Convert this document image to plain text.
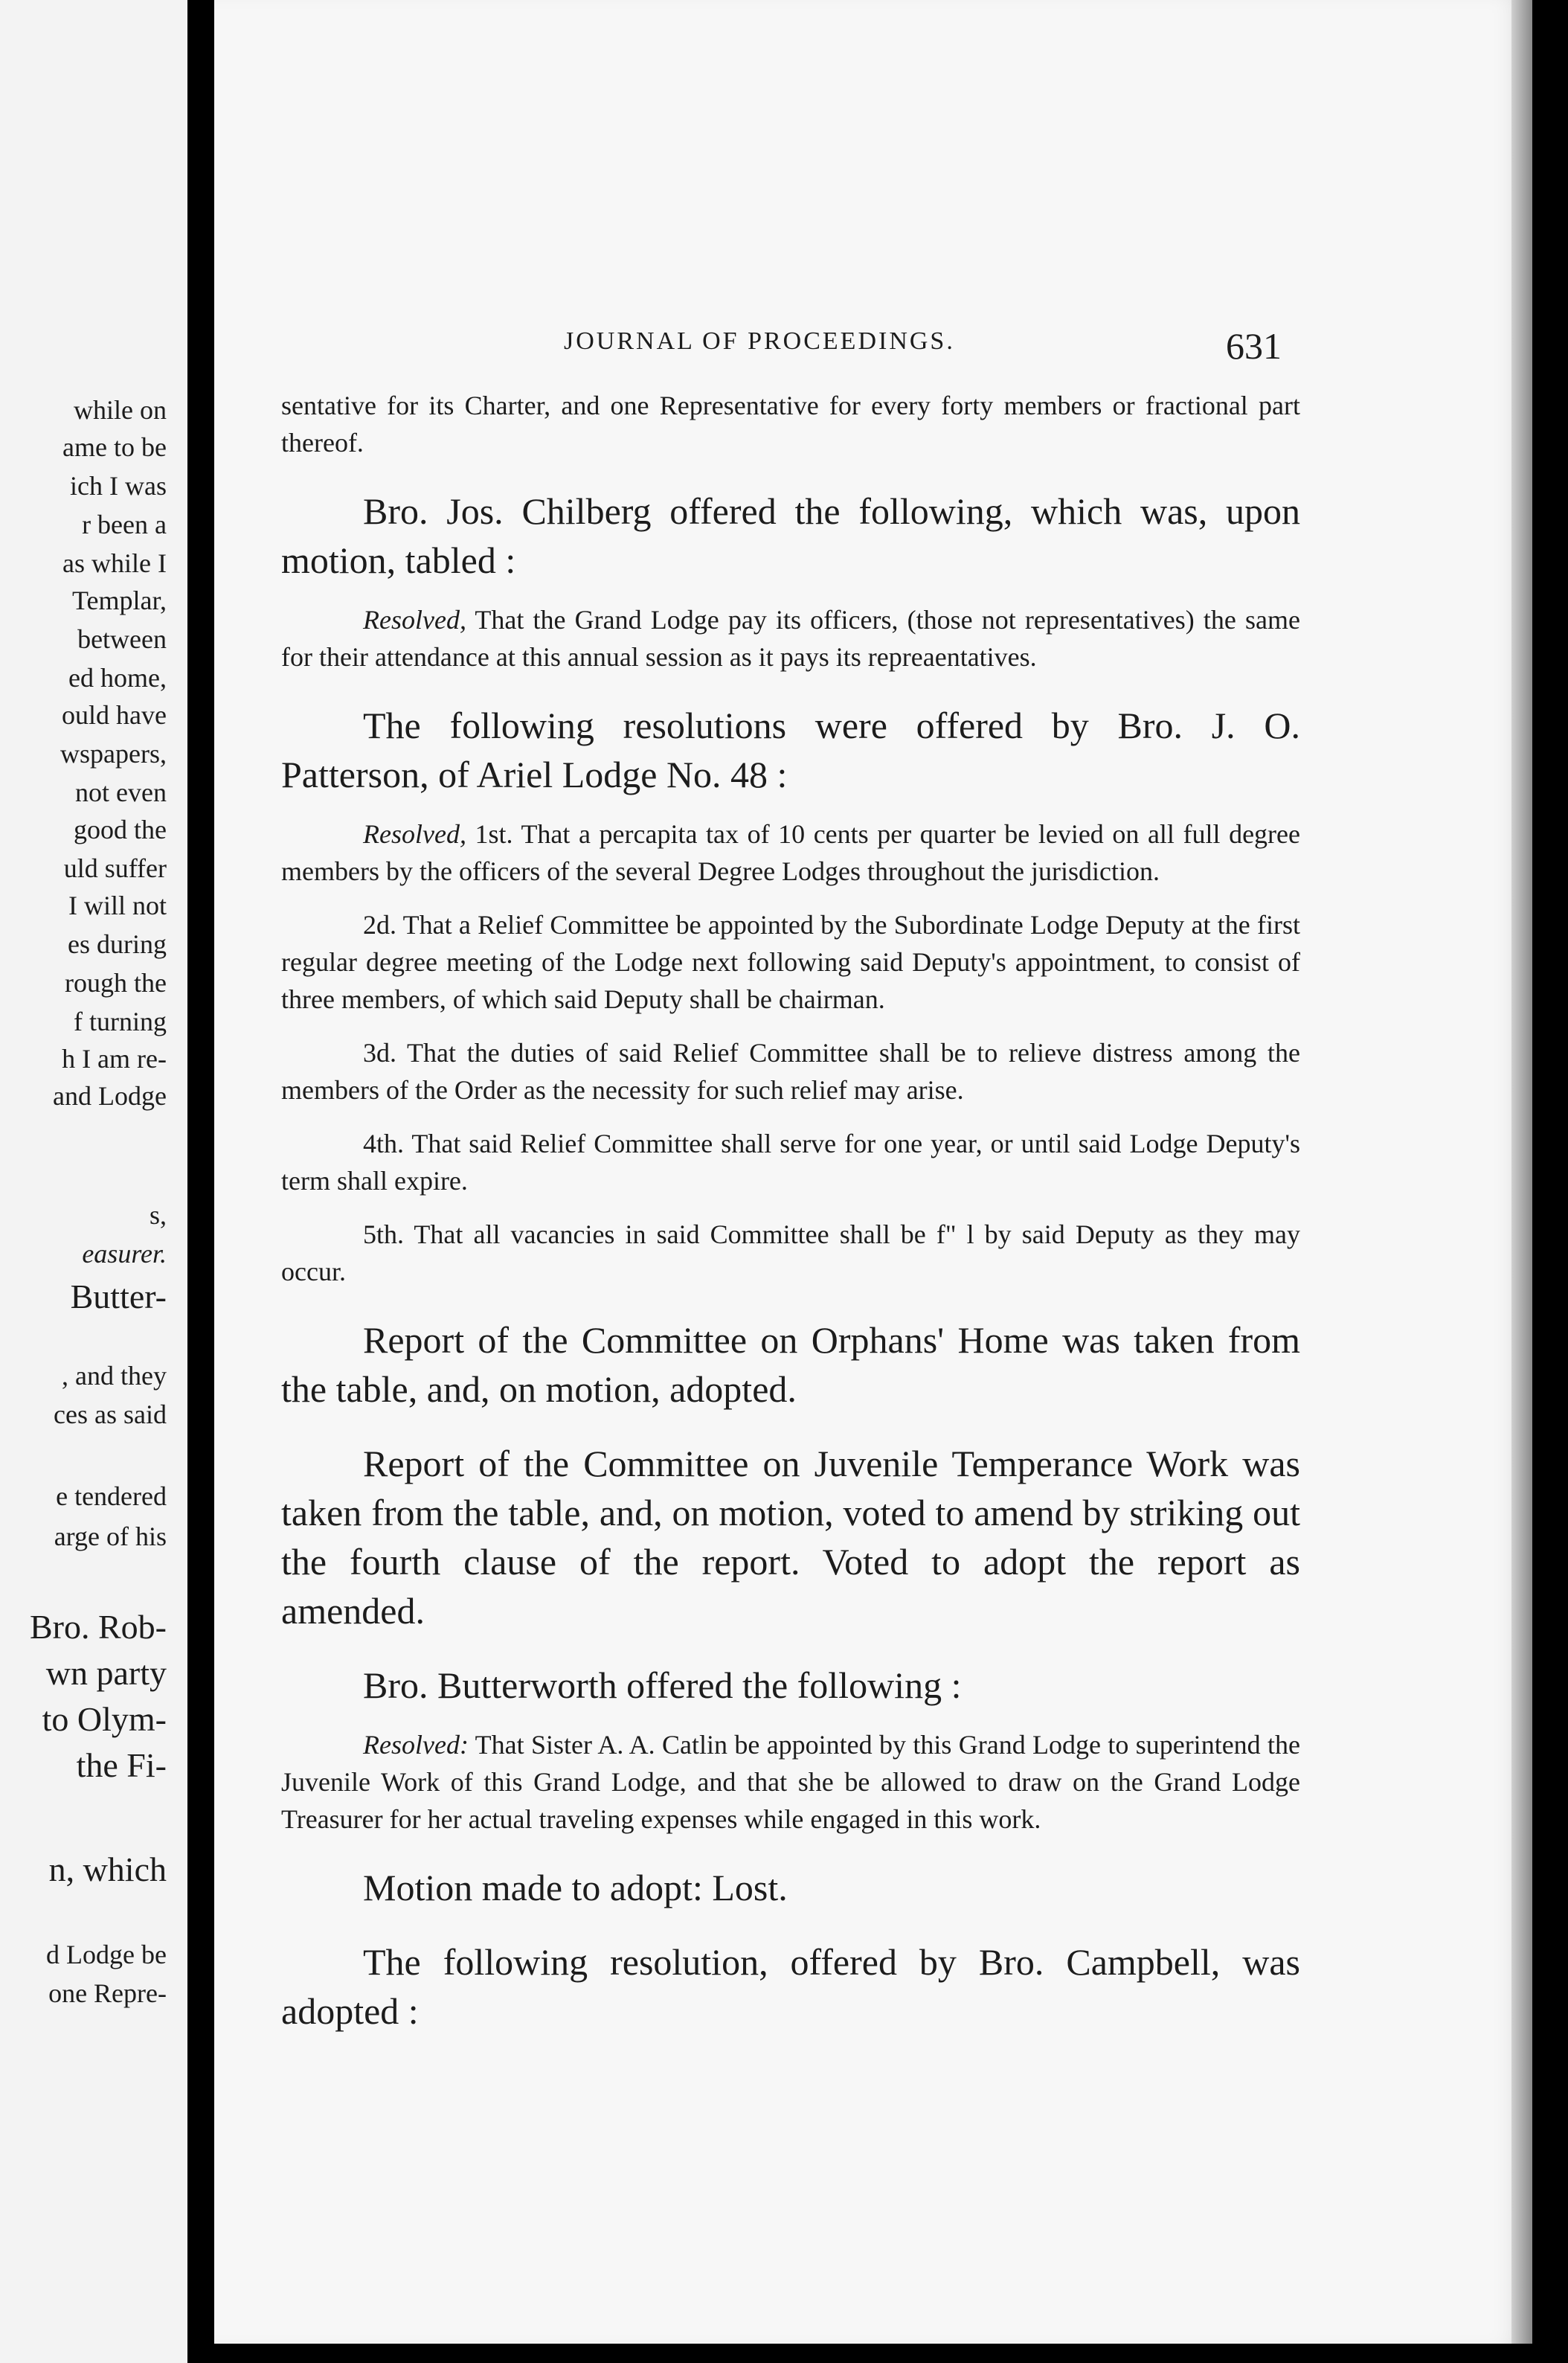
while on
ame to be
ich I was
r been a
as while I
Templar,
between
ed home,
ould have
wspapers,
not even
good the
uld suffer
I will not
es during
rough the
f turning
h I am re-
and Lodge
s,
easurer.
Butter-
, and they
ces as said
e tendered
arge of his
Bro. Rob-
wn party
to Olym-
the Fi-
n, which
d Lodge be
one Repre-
JOURNAL OF PROCEEDINGS.	631

sentative for its Charter, and one Representative for every forty members or fractional part thereof.

Bro. Jos. Chilberg offered the following, which was, upon motion, tabled :

Resolved, That the Grand Lodge pay its officers, (those not representatives) the same for their attendance at this annual session as it pays its repreaentatives.

The following resolutions were offered by Bro. J. O. Patterson, of Ariel Lodge No. 48 :

Resolved, 1st. That a percapita tax of 10 cents per quarter be levied on all full degree members by the officers of the several Degree Lodges throughout the jurisdiction.

2d. That a Relief Committee be appointed by the Subordinate Lodge Deputy at the first regular degree meeting of the Lodge next following said Deputy's appointment, to consist of three members, of which said Deputy shall be chairman.

3d. That the duties of said Relief Committee shall be to relieve distress among the members of the Order as the necessity for such relief may arise.

4th. That said Relief Committee shall serve for one year, or until said Lodge Deputy's term shall expire.

5th. That all vacancies in said Committee shall be f" l by said Deputy as they may occur.

Report of the Committee on Orphans' Home was taken from the table, and, on motion, adopted.

Report of the Committee on Juvenile Temperance Work was taken from the table, and, on motion, voted to amend by striking out the fourth clause of the report. Voted to adopt the report as amended.

Bro. Butterworth offered the following :

Resolved: That Sister A. A. Catlin be appointed by this Grand Lodge to superintend the Juvenile Work of this Grand Lodge, and that she be allowed to draw on the Grand Lodge Treasurer for her actual traveling expenses while engaged in this work.

Motion made to adopt: Lost.

The following resolution, offered by Bro. Campbell, was adopted :
